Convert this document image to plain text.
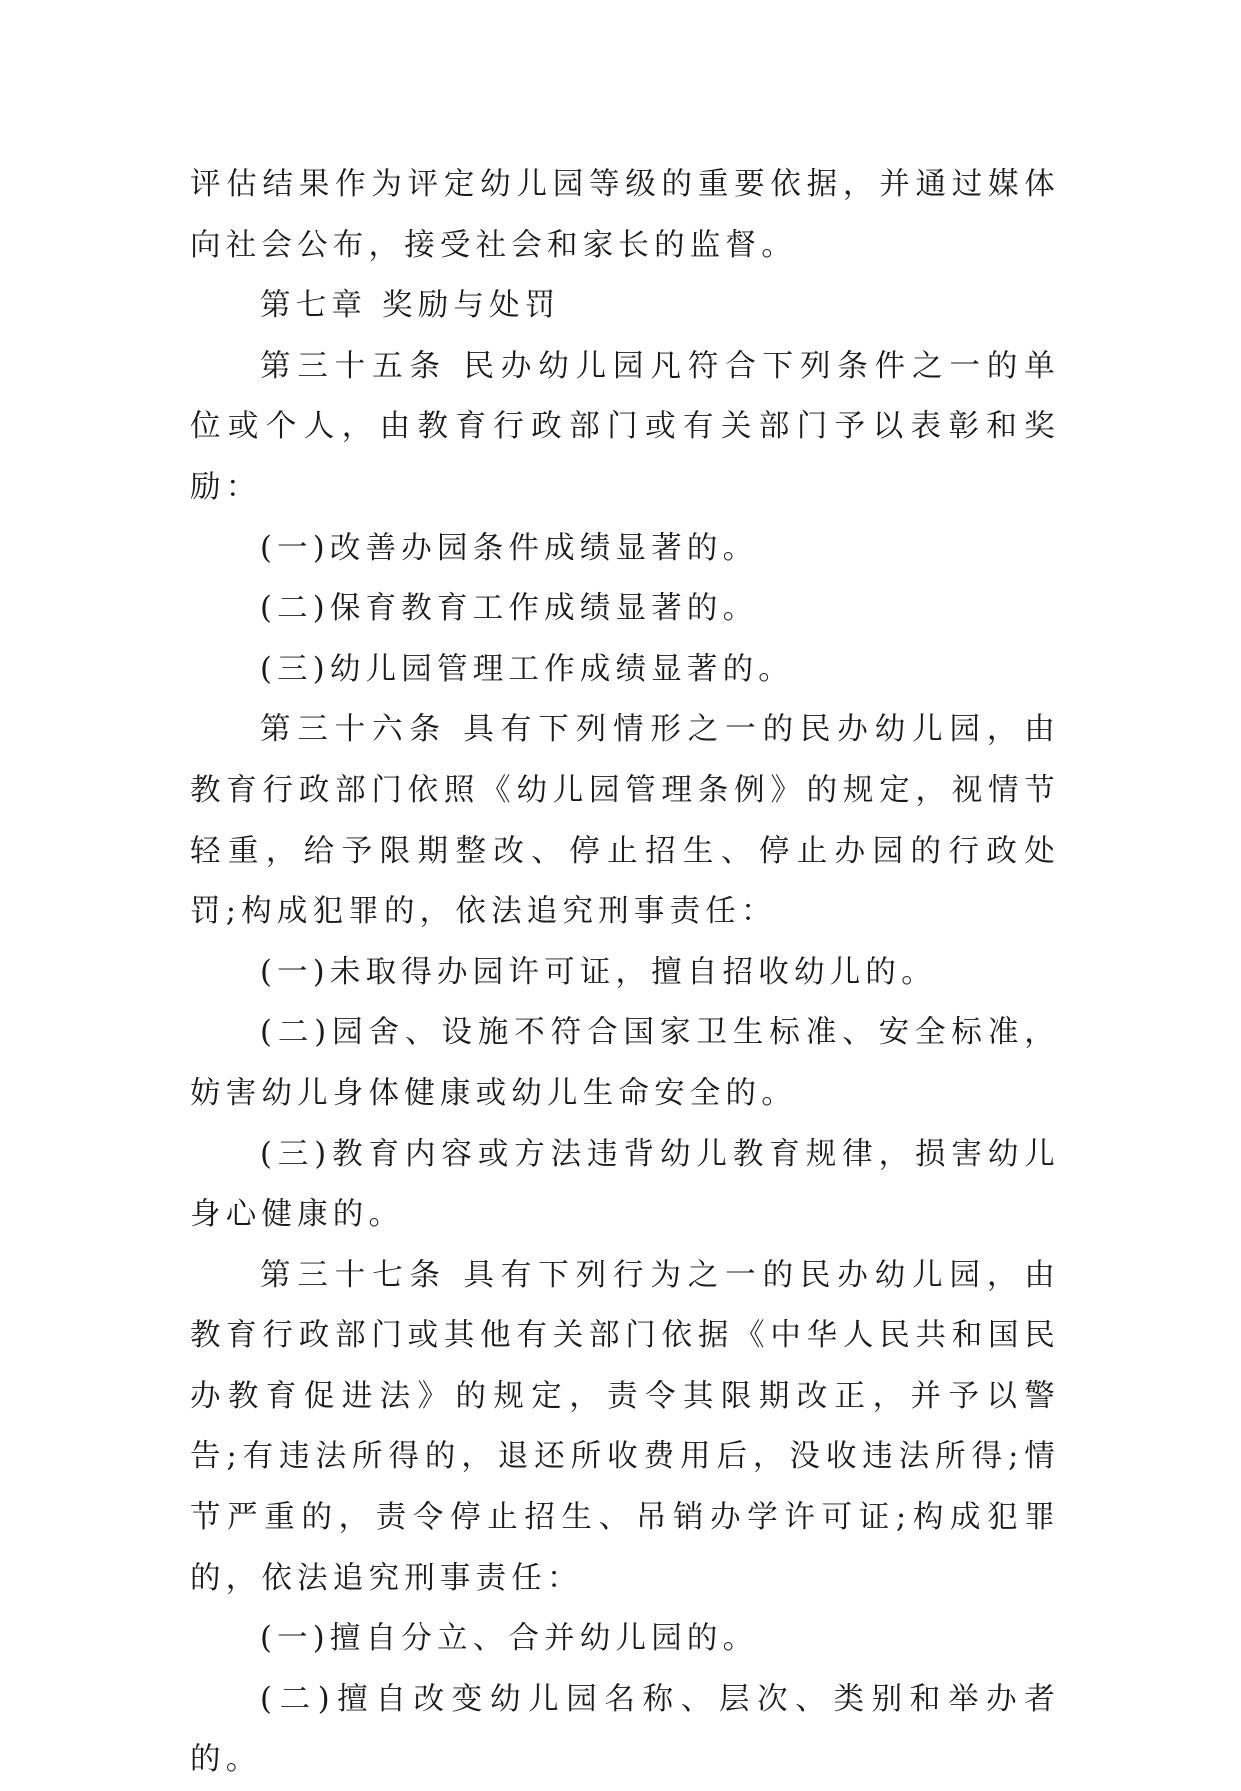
评估结果作为评定幼儿园等级的重要依据，并通过媒体向社会公布，接受社会和家长的监督。

第七章 奖励与处罚

第三十五条 民办幼儿园凡符合下列条件之一的单位或个人，由教育行政部门或有关部门予以表彰和奖励：

(一)改善办园条件成绩显著的。

(二)保育教育工作成绩显著的。

(三)幼儿园管理工作成绩显著的。

第三十六条 具有下列情形之一的民办幼儿园，由教育行政部门依照《幼儿园管理条例》的规定，视情节轻重，给予限期整改、停止招生、停止办园的行政处罚;构成犯罪的，依法追究刑事责任：

(一)未取得办园许可证，擅自招收幼儿的。

(二)园舍、设施不符合国家卫生标准、安全标准，妨害幼儿身体健康或幼儿生命安全的。

(三)教育内容或方法违背幼儿教育规律，损害幼儿身心健康的。

第三十七条 具有下列行为之一的民办幼儿园，由教育行政部门或其他有关部门依据《中华人民共和国民办教育促进法》的规定，责令其限期改正，并予以警告;有违法所得的，退还所收费用后，没收违法所得;情节严重的，责令停止招生、吊销办学许可证;构成犯罪的，依法追究刑事责任：

(一)擅自分立、合并幼儿园的。

(二)擅自改变幼儿园名称、层次、类别和举办者的。
